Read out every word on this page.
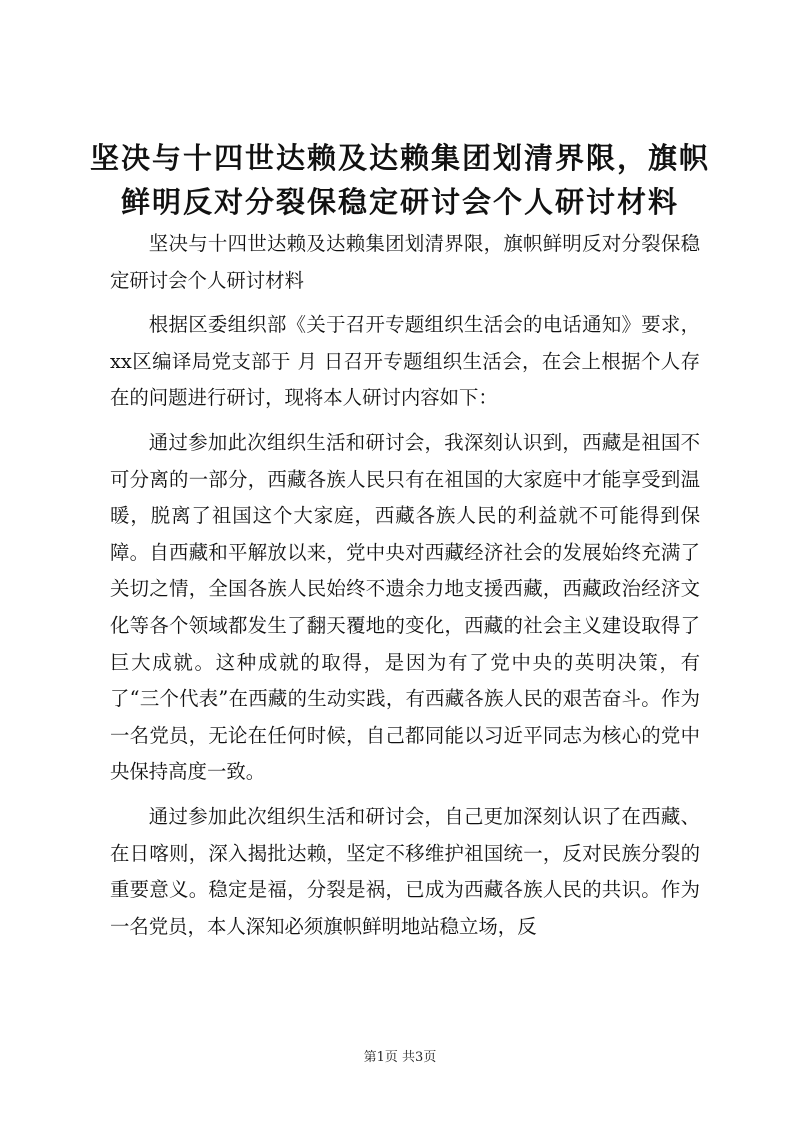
坚决与十四世达赖及达赖集团划清界限，旗帜
鲜明反对分裂保稳定研讨会个人研讨材料

坚决与十四世达赖及达赖集团划清界限，旗帜鲜明反对分裂保稳定研讨会个人研讨材料

根据区委组织部《关于召开专题组织生活会的电话通知》要求，xx区编译局党支部于 月 日召开专题组织生活会，在会上根据个人存在的问题进行研讨，现将本人研讨内容如下：

通过参加此次组织生活和研讨会，我深刻认识到，西藏是祖国不可分离的一部分，西藏各族人民只有在祖国的大家庭中才能享受到温暖，脱离了祖国这个大家庭，西藏各族人民的利益就不可能得到保障。自西藏和平解放以来，党中央对西藏经济社会的发展始终充满了关切之情，全国各族人民始终不遗余力地支援西藏，西藏政治经济文化等各个领域都发生了翻天覆地的变化，西藏的社会主义建设取得了巨大成就。这种成就的取得，是因为有了党中央的英明决策，有了“三个代表”在西藏的生动实践，有西藏各族人民的艰苦奋斗。作为一名党员，无论在任何时候，自己都同能以习近平同志为核心的党中央保持高度一致。

通过参加此次组织生活和研讨会，自己更加深刻认识了在西藏、在日喀则，深入揭批达赖，坚定不移维护祖国统一，反对民族分裂的重要意义。稳定是福，分裂是祸，已成为西藏各族人民的共识。作为一名党员，本人深知必须旗帜鲜明地站稳立场，反

第1页 共3页
